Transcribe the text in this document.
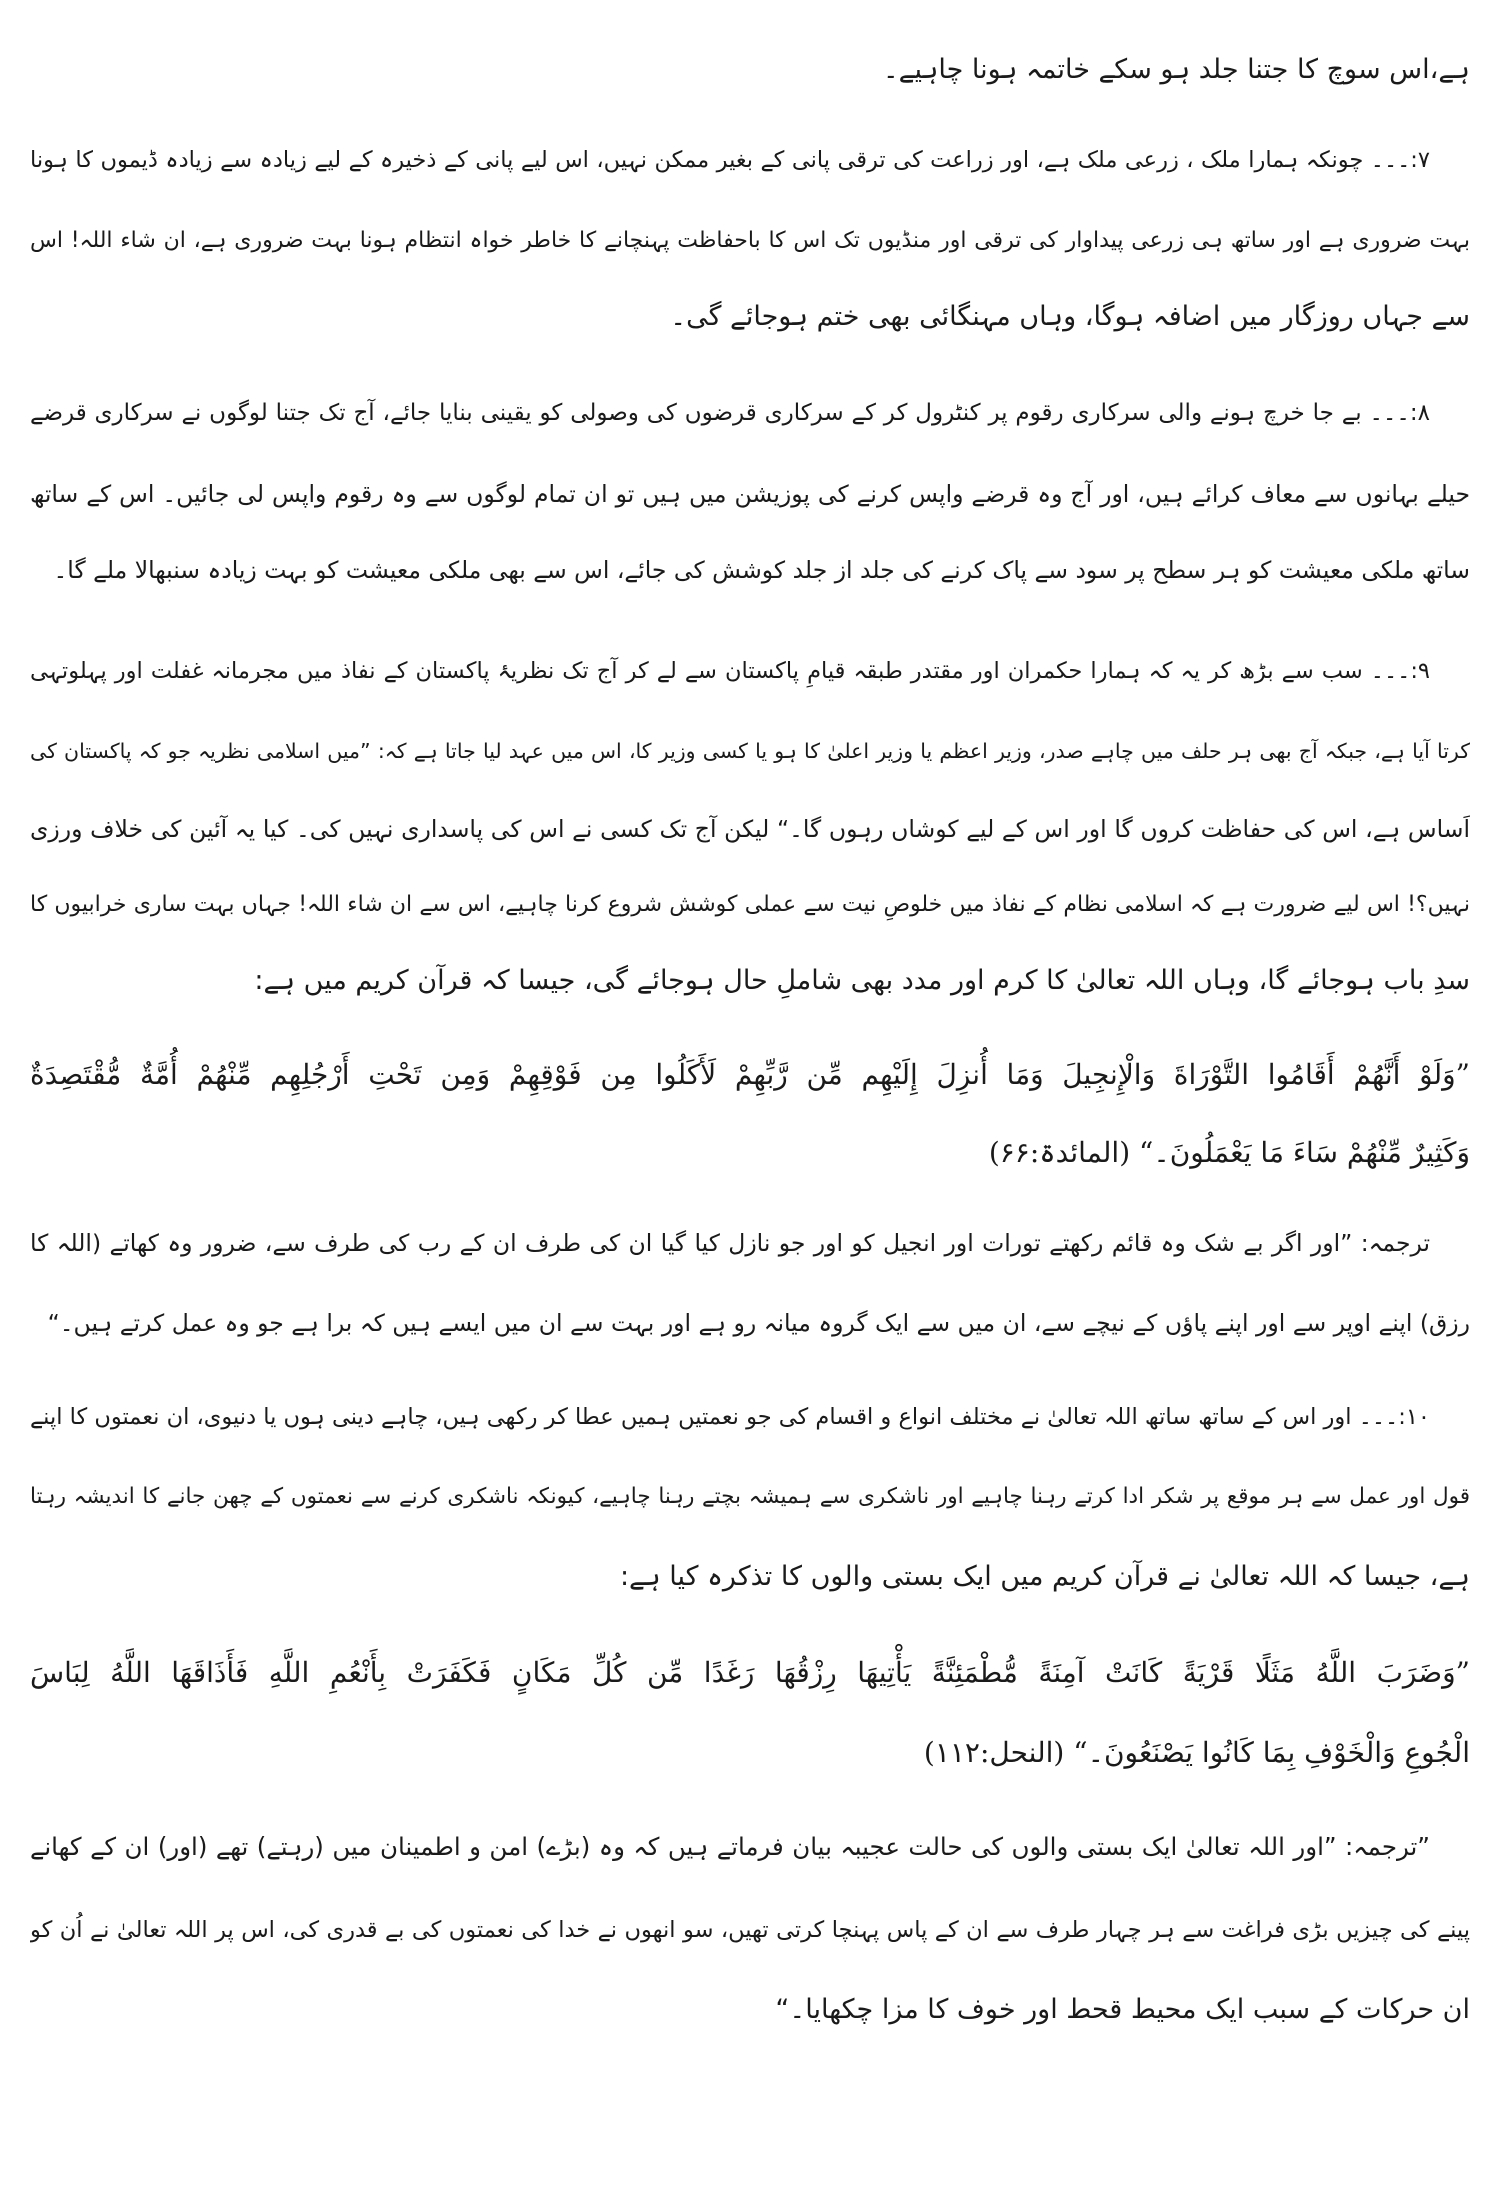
ہے،اس سوچ کا جتنا جلد ہو سکے خاتمہ ہونا چاہیے۔
۷:۔۔۔ چونکہ ہمارا ملک ، زرعی ملک ہے، اور زراعت کی ترقی پانی کے بغیر ممکن نہیں، اس لیے پانی کے ذخیرہ کے لیے زیادہ سے زیادہ ڈیموں کا ہونا
بہت ضروری ہے اور ساتھ ہی زرعی پیداوار کی ترقی اور منڈیوں تک اس کا باحفاظت پہنچانے کا خاطر خواہ انتظام ہونا بہت ضروری ہے، ان شاء اللہ! اس
سے جہاں روزگار میں اضافہ ہوگا، وہاں مہنگائی بھی ختم ہوجائے گی۔
۸:۔۔۔ بے جا خرچ ہونے والی سرکاری رقوم پر کنٹرول کر کے سرکاری قرضوں کی وصولی کو یقینی بنایا جائے، آج تک جتنا لوگوں نے سرکاری قرضے
حیلے بہانوں سے معاف کرائے ہیں، اور آج وہ قرضے واپس کرنے کی پوزیشن میں ہیں تو ان تمام لوگوں سے وہ رقوم واپس لی جائیں۔ اس کے ساتھ
ساتھ ملکی معیشت کو ہر سطح پر سود سے پاک کرنے کی جلد از جلد کوشش کی جائے، اس سے بھی ملکی معیشت کو بہت زیادہ سنبھالا ملے گا۔
۹:۔۔۔ سب سے بڑھ کر یہ کہ ہمارا حکمران اور مقتدر طبقہ قیامِ پاکستان سے لے کر آج تک نظریۂ پاکستان کے نفاذ میں مجرمانہ غفلت اور پہلوتہی
کرتا آیا ہے، جبکہ آج بھی ہر حلف میں چاہے صدر، وزیر اعظم یا وزیر اعلیٰ کا ہو یا کسی وزیر کا، اس میں عہد لیا جاتا ہے کہ: ”میں اسلامی نظریہ جو کہ پاکستان کی
اَساس ہے، اس کی حفاظت کروں گا اور اس کے لیے کوشاں رہوں گا۔“ لیکن آج تک کسی نے اس کی پاسداری نہیں کی۔ کیا یہ آئین کی خلاف ورزی
نہیں؟! اس لیے ضرورت ہے کہ اسلامی نظام کے نفاذ میں خلوصِ نیت سے عملی کوشش شروع کرنا چاہیے، اس سے ان شاء اللہ! جہاں بہت ساری خرابیوں کا
سدِ باب ہوجائے گا، وہاں اللہ تعالیٰ کا کرم اور مدد بھی شاملِ حال ہوجائے گی، جیسا کہ قرآن کریم میں ہے:
”وَلَوْ أَنَّهُمْ أَقَامُوا التَّوْرَاةَ وَالْإِنجِيلَ وَمَا أُنزِلَ إِلَيْهِم مِّن رَّبِّهِمْ لَأَكَلُوا مِن فَوْقِهِمْ وَمِن تَحْتِ أَرْجُلِهِم مِّنْهُمْ أُمَّةٌ مُّقْتَصِدَةٌ
وَكَثِيرٌ مِّنْهُمْ سَاءَ مَا يَعْمَلُونَ۔“ (المائدۃ:۶۶)
ترجمہ: ”اور اگر بے شک وہ قائم رکھتے تورات اور انجیل کو اور جو نازل کیا گیا ان کی طرف ان کے رب کی طرف سے، ضرور وہ کھاتے (اللہ کا
رزق) اپنے اوپر سے اور اپنے پاؤں کے نیچے سے، ان میں سے ایک گروہ میانہ رو ہے اور بہت سے ان میں ایسے ہیں کہ برا ہے جو وہ عمل کرتے ہیں۔“
۱۰:۔۔۔ اور اس کے ساتھ ساتھ اللہ تعالیٰ نے مختلف انواع و اقسام کی جو نعمتیں ہمیں عطا کر رکھی ہیں، چاہے دینی ہوں یا دنیوی، ان نعمتوں کا اپنے
قول اور عمل سے ہر موقع پر شکر ادا کرتے رہنا چاہیے اور ناشکری سے ہمیشہ بچتے رہنا چاہیے، کیونکہ ناشکری کرنے سے نعمتوں کے چھن جانے کا اندیشہ رہتا
ہے، جیسا کہ اللہ تعالیٰ نے قرآن کریم میں ایک بستی والوں کا تذکرہ کیا ہے:
”وَضَرَبَ اللَّهُ مَثَلًا قَرْيَةً كَانَتْ آمِنَةً مُّطْمَئِنَّةً يَأْتِيهَا رِزْقُهَا رَغَدًا مِّن كُلِّ مَكَانٍ فَكَفَرَتْ بِأَنْعُمِ اللَّهِ فَأَذَاقَهَا اللَّهُ لِبَاسَ
الْجُوعِ وَالْخَوْفِ بِمَا كَانُوا يَصْنَعُونَ۔“ (النحل:۱۱۲)
”ترجمہ: ”اور اللہ تعالیٰ ایک بستی والوں کی حالت عجیبہ بیان فرماتے ہیں کہ وہ (بڑے) امن و اطمینان میں (رہتے) تھے (اور) ان کے کھانے
پینے کی چیزیں بڑی فراغت سے ہر چہار طرف سے ان کے پاس پہنچا کرتی تھیں، سو انھوں نے خدا کی نعمتوں کی بے قدری کی، اس پر اللہ تعالیٰ نے اُن کو
ان حرکات کے سبب ایک محیط قحط اور خوف کا مزا چکھایا۔“
